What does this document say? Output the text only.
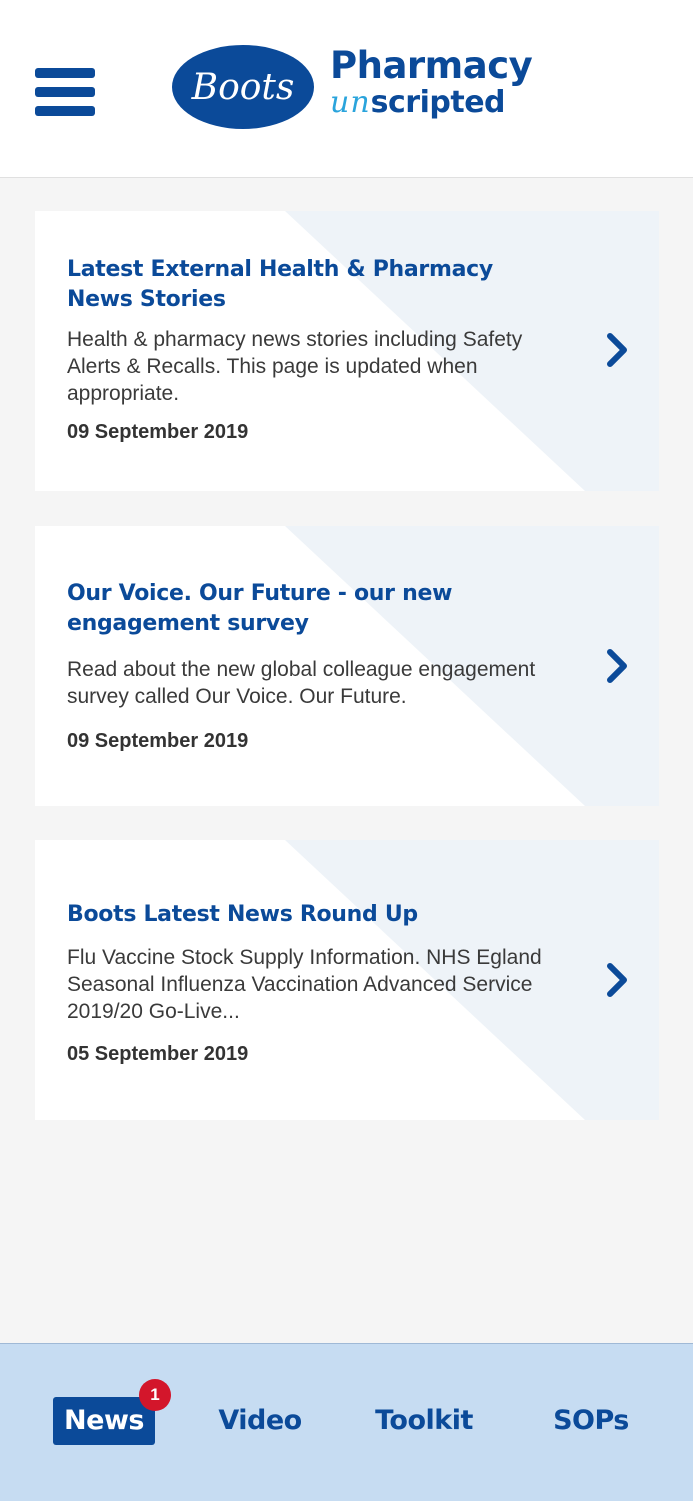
Boots
Pharmacy
unscripted
Latest External Health & Pharmacy News Stories
Health & pharmacy news stories including Safety Alerts & Recalls. This page is updated when appropriate.
09 September 2019
Our Voice. Our Future - our new engagement survey
Read about the new global colleague engagement survey called Our Voice. Our Future.
09 September 2019
Boots Latest News Round Up
Flu Vaccine Stock Supply Information. NHS Egland Seasonal Influenza Vaccination Advanced Service 2019/20 Go-Live...
05 September 2019
News
1
Video	Toolkit	SOPs
